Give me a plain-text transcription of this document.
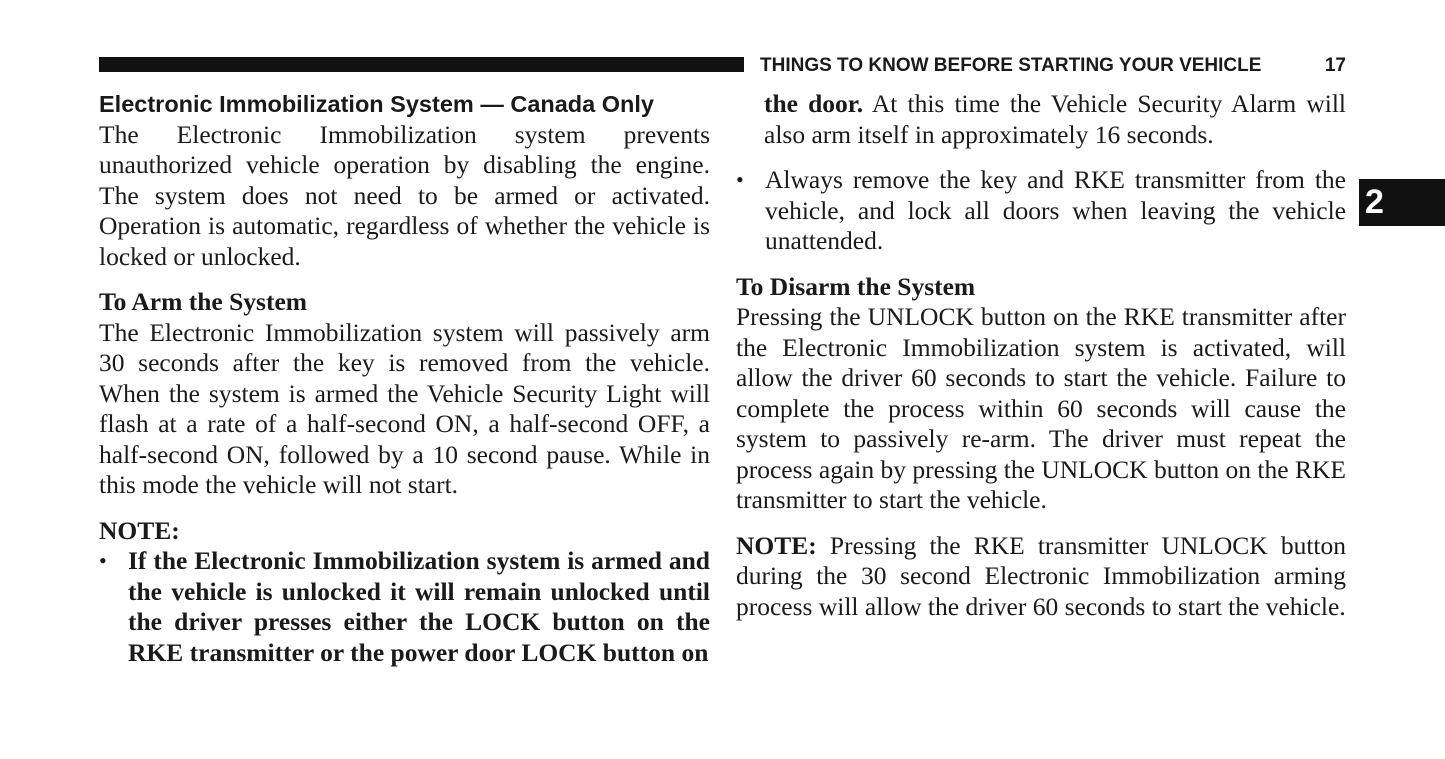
THINGS TO KNOW BEFORE STARTING YOUR VEHICLE	17
2
Electronic Immobilization System — Canada Only

The Electronic Immobilization system prevents unauthorized vehicle operation by disabling the engine. The system does not need to be armed or activated. Operation is automatic, regardless of whether the vehicle is locked or unlocked.

To Arm the System

The Electronic Immobilization system will passively arm 30 seconds after the key is removed from the vehicle. When the system is armed the Vehicle Security Light will flash at a rate of a half-second ON, a half-second OFF, a half-second ON, followed by a 10 second pause. While in this mode the vehicle will not start.

NOTE:
• If the Electronic Immobilization system is armed and the vehicle is unlocked it will remain unlocked until the driver presses either the LOCK button on the RKE transmitter or the power door LOCK button on

the door. At this time the Vehicle Security Alarm will also arm itself in approximately 16 seconds.

• Always remove the key and RKE transmitter from the vehicle, and lock all doors when leaving the vehicle unattended.
To Disarm the System

Pressing the UNLOCK button on the RKE transmitter after the Electronic Immobilization system is activated, will allow the driver 60 seconds to start the vehicle. Failure to complete the process within 60 seconds will cause the system to passively re-arm. The driver must repeat the process again by pressing the UNLOCK button on the RKE transmitter to start the vehicle.

NOTE: Pressing the RKE transmitter UNLOCK button during the 30 second Electronic Immobilization arming process will allow the driver 60 seconds to start the vehicle.
